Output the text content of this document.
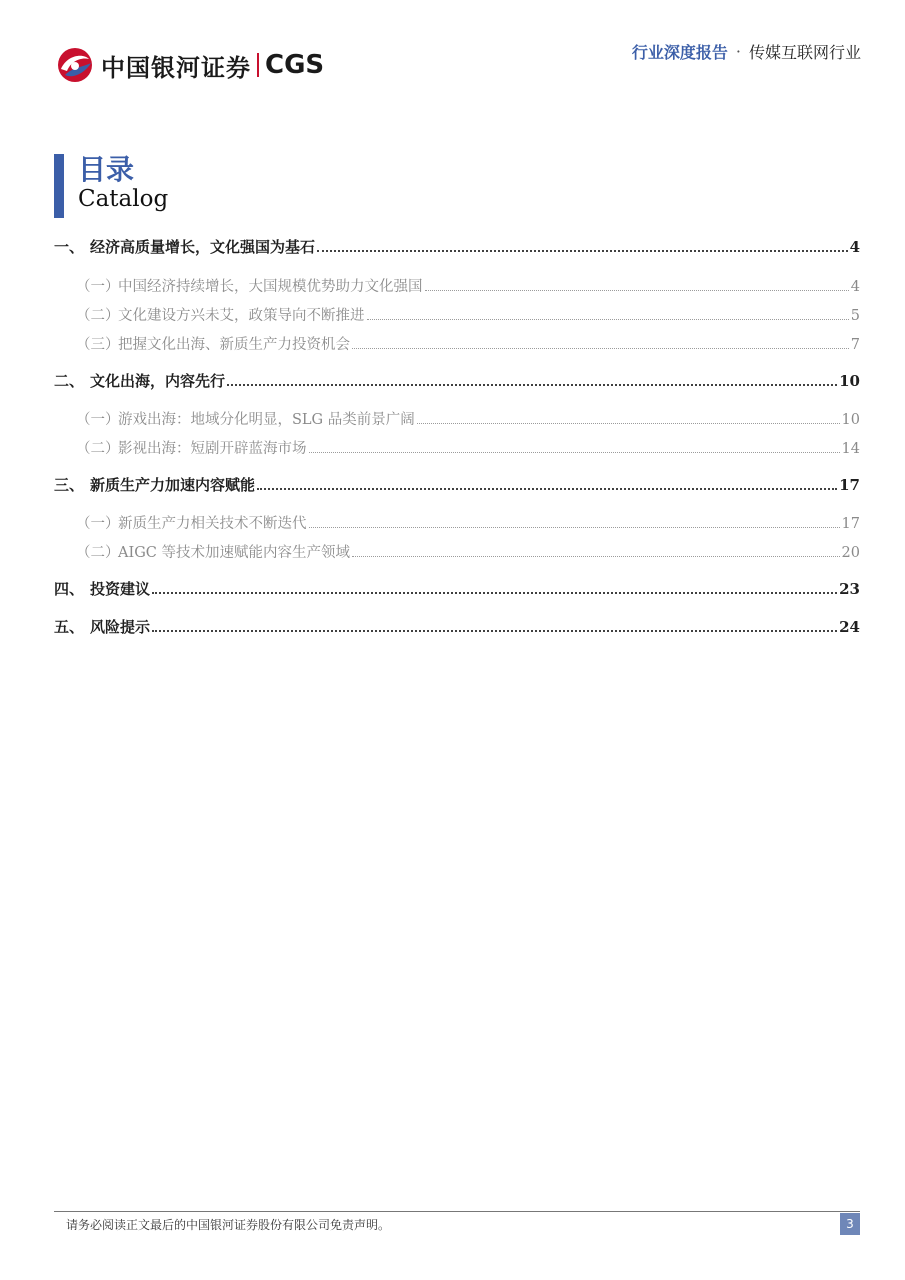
中国银河证券 CGS	行业深度报告 · 传媒互联网行业
目录
Catalog
一、 经济高质量增长，文化强国为基石	4
（一）
中国经济持续增长，大国规模优势助力文化强国	4
（二）
文化建设方兴未艾，政策导向不断推进	5
（三）
把握文化出海、新质生产力投资机会	7
二、 文化出海，内容先行	10
（一）
游戏出海：地域分化明显，SLG 品类前景广阔	10
（二）
影视出海：短剧开辟蓝海市场	14
三、 新质生产力加速内容赋能	17
（一）
新质生产力相关技术不断迭代	17
（二）
AIGC 等技术加速赋能内容生产领域	20
四、 投资建议	23
五、 风险提示	24
请务必阅读正文最后的中国银河证券股份有限公司免责声明。	3
